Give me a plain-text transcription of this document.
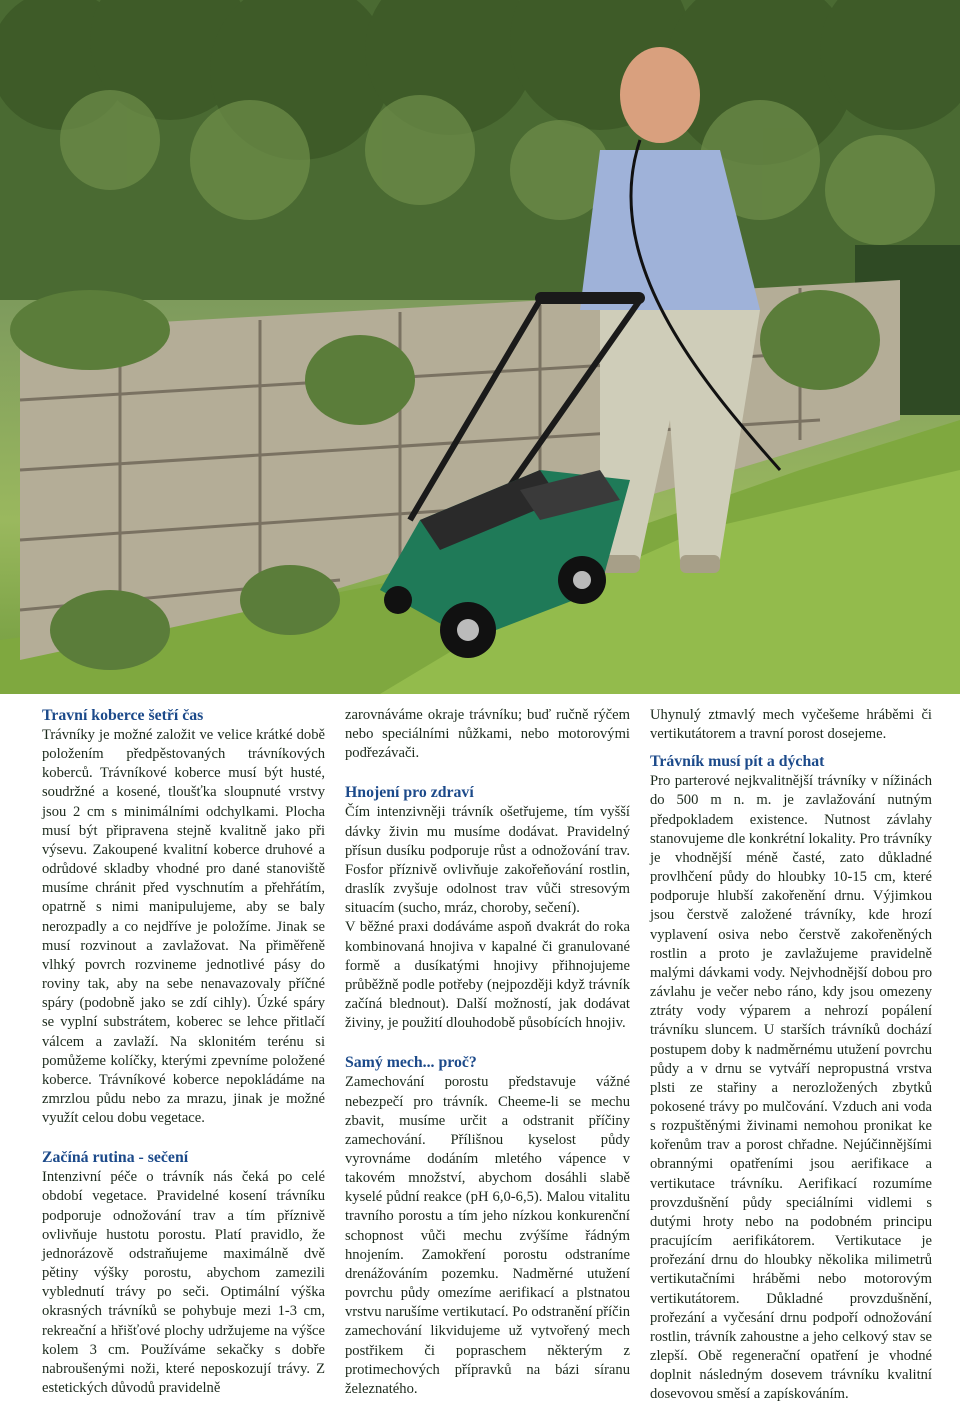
Travní koberce šetří čas

Trávníky je možné založit ve velice krátké době položením předpěstovaných trávníkových koberců. Trávníkové koberce musí být husté, soudržné a kosené, tloušťka sloupnuté vrstvy jsou 2 cm s minimálními odchylkami. Plocha musí být připravena stejně kvalitně jako při výsevu. Zakoupené kvalitní koberce druhové a odrůdové skladby vhodné pro dané stanoviště musíme chránit před vyschnutím a přehřátím, opatrně s nimi manipulujeme, aby se baly nerozpadly a co nejdříve je položíme. Jinak se musí rozvinout a zavlažovat. Na přiměřeně vlhký povrch rozvineme jednotlivé pásy do roviny tak, aby na sebe nenavazovaly příčné spáry (podobně jako se zdí cihly). Úzké spáry se vyplní substrátem, koberec se lehce přitlačí válcem a zavlaží. Na sklonitém terénu si pomůžeme kolíčky, kterými zpevníme položené koberce. Trávníkové koberce nepokládáme na zmrzlou půdu nebo za mrazu, jinak je možné využít celou dobu vegetace.

Začíná rutina - sečení

Intenzivní péče o trávník nás čeká po celé období vegetace. Pravidelné kosení trávníku podporuje odnožování trav a tím příznivě ovlivňuje hustotu porostu. Platí pravidlo, že jednorázově odstraňujeme maximálně dvě pětiny výšky porostu, abychom zamezili vyblednutí trávy po seči. Optimální výška okrasných trávníků se pohybuje mezi 1-3 cm, rekreační a hřišťové plochy udržujeme na výšce kolem 3 cm. Používáme sekačky s dobře nabroušenými noži, které neposkozují trávy. Z estetických důvodů pravidelně

zarovnáváme okraje trávníku; buď ručně rýčem nebo speciálními nůžkami, nebo motorovými podřezávači.

Hnojení pro zdraví

Čím intenzivněji trávník ošetřujeme, tím vyšší dávky živin mu musíme dodávat. Pravidelný přísun dusíku podporuje růst a odnožování trav. Fosfor příznivě ovlivňuje zakořeňování rostlin, draslík zvyšuje odolnost trav vůči stresovým situacím (sucho, mráz, choroby, sečení).

V běžné praxi dodáváme aspoň dvakrát do roka kombinovaná hnojiva v kapalné či granulované formě a dusíkatými hnojivy přihnojujeme průběžně podle potřeby (nejpozději když trávník začíná blednout). Další možností, jak dodávat živiny, je použití dlouhodobě působících hnojiv.

Samý mech... proč?

Zamechování porostu představuje vážné nebezpečí pro trávník. Cheeme-li se mechu zbavit, musíme určit a odstranit příčiny zamechování. Přílišnou kyselost půdy vyrovnáme dodáním mletého vápence v takovém množství, abychom dosáhli slabě kyselé půdní reakce (pH 6,0-6,5). Malou vitalitu travního porostu a tím jeho nízkou konkurenční schopnost vůči mechu zvýšíme řádným hnojením. Zamokření porostu odstraníme drenážováním pozemku. Nadměrné utužení povrchu půdy omezíme aerifikací a plstnatou vrstvu narušíme vertikutací. Po odstranění příčin zamechování likvidujeme už vytvořený mech postřikem či popraschem některým z protimechových přípravků na bázi síranu železnatého.

Uhynulý ztmavlý mech vyčešeme hráběmi či vertikutátorem a travní porost dosejeme.

Trávník musí pít a dýchat

Pro parterové nejkvalitnější trávníky v nížinách do 500 m n. m. je zavlažování nutným předpokladem existence. Nutnost závlahy stanovujeme dle konkrétní lokality. Pro trávníky je vhodnější méně časté, zato důkladné provlhčení půdy do hloubky 10-15 cm, které podporuje hlubší zakořenění drnu. Výjimkou jsou čerstvě založené trávníky, kde hrozí vyplavení osiva nebo čerstvě zakořeněných rostlin a proto je zavlažujeme pravidelně malými dávkami vody. Nejvhodnější dobou pro závlahu je večer nebo ráno, kdy jsou omezeny ztráty vody výparem a nehrozí popálení trávníku sluncem. U starších trávníků dochází postupem doby k nadměrnému utužení povrchu půdy a v drnu se vytváří nepropustná vrstva plsti ze stařiny a nerozložených zbytků pokosené trávy po mulčování. Vzduch ani voda s rozpuštěnými živinami nemohou pronikat ke kořenům trav a porost chřadne. Nejúčinnějšími obrannými opatřeními jsou aerifikace a vertikutace trávníku. Aerifikací rozumíme provzdušnění půdy speciálními vidlemi s dutými hroty nebo na podobném principu pracujícím aerifikátorem. Vertikutace je prořezání drnu do hloubky několika milimetrů vertikutačními hráběmi nebo motorovým vertikutátorem. Důkladné provzdušnění, prořezání a vyčesání drnu podpoří odnožování rostlin, trávník zahoustne a jeho celkový stav se zlepší. Obě regenerační opatření je vhodné doplnit následným dosevem trávníku kvalitní dosevovou směsí a zapískováním.
